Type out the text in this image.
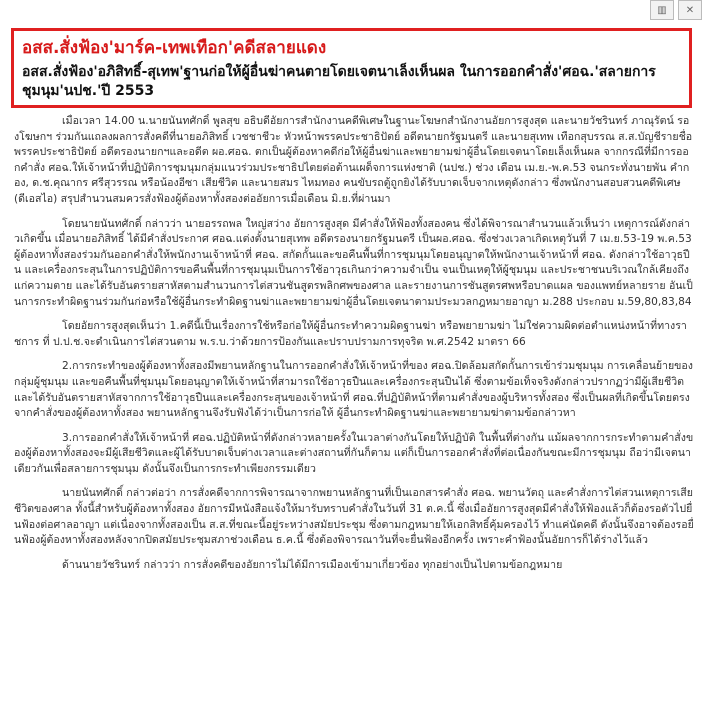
▥	✕
อสส.สั่งฟ้อง'มาร์ค-เทพเทือก'คดีสลายแดง
อสส.สั่งฟ้อง'อภิสิทธิ์-สุเทพ'ฐานก่อให้ผู้อื่นฆ่าคนตายโดยเจตนาเล็งเห็นผล ในการออกคำสั่ง'ศอฉ.'สลายการชุมนุม'นปช.'ปี 2553

เมื่อเวลา 14.00 น.นายนันทศักดิ์ พูลสุข อธิบดีอัยการสำนักงานคดีพิเศษในฐานะโฆษกสำนักงานอัยการสูงสุด และนายวัชรินทร์ ภาณุรัตน์ รองโฆษกฯ ร่วมกันแถลงผลการสั่งคดีที่นายอภิสิทธิ์ เวชชาชีวะ หัวหน้าพรรคประชาธิปัตย์ อดีตนายกรัฐมนตรี และนายสุเทพ เทือกสุบรรณ ส.ส.บัญชีรายชื่อ พรรคประชาธิปัตย์ อดีตรองนายกฯและอดีต ผอ.ศอฉ. ตกเป็นผู้ต้องหาคดีก่อให้ผู้อื่นฆ่าและพยายามฆ่าผู้อื่นโดยเจตนาโดยเล็งเห็นผล จากกรณีที่มีการออกคำสั่ง ศอฉ.ให้เจ้าหน้าที่ปฏิบัติการชุมนุมกลุ่มแนวร่วมประชาธิปไตยต่อต้านเผด็จการแห่งชาติ (นปช.) ช่วง เดือน เม.ย.-พ.ค.53 จนกระทั่งนายพัน คำกอง, ด.ช.คุณากร ศรีสุวรรณ หรือน้องอีซา เสียชีวิต และนายสมร ไหมทอง คนขับรถตู้ถูกยิงได้รับบาดเจ็บจากเหตุดังกล่าว ซึ่งพนักงานสอบสวนคดีพิเศษ (ดีเอสไอ) สรุปสำนวนสมควรสั่งฟ้องผู้ต้องหาทั้งสองต่ออัยการเมื่อเดือน มิ.ย.ที่ผ่านมา

โดยนายนันทศักดิ์ กล่าวว่า นายอรรถพล ใหญ่สว่าง อัยการสูงสุด มีคำสั่งให้ฟ้องทั้งสองคน ซึ่งได้พิจารณาสำนวนแล้วเห็นว่า เหตุการณ์ดังกล่าวเกิดขึ้น เมื่อนายอภิสิทธิ์ ได้มีคำสั่งประกาศ ศอฉ.แต่งตั้งนายสุเทพ อดีตรองนายกรัฐมนตรี เป็นผอ.ศอฉ. ซึ่งช่วงเวลาเกิดเหตุวันที่ 7 เม.ย.53-19 พ.ค.53 ผู้ต้องหาทั้งสองร่วมกันออกคำสั่งให้พนักงานเจ้าหน้าที่ ศอฉ. สกัดกั้นและขอคืนพื้นที่การชุมนุมโดยอนุญาตให้พนักงานเจ้าหน้าที่ ศอฉ. ดังกล่าวใช้อาวุธปืน และเครื่องกระสุนในการปฏิบัติการขอคืนพื้นที่การชุมนุมเป็นการใช้อาวุธเกินกว่าความจำเป็น จนเป็นเหตุให้ผู้ชุมนุม และประชาชนบริเวณใกล้เคียงถึงแก่ความตาย และได้รับอันตรายสาหัสตามสำนวนการไต่สวนชันสูตรพลิกศพของศาล และรายงานการชันสูตรศพหรือบาดแผล ของแพทย์หลายราย อันเป็นการกระทำผิดฐานร่วมกันก่อหรือใช้ผู้อื่นกระทำผิดฐานฆ่าและพยายามฆ่าผู้อื่นโดยเจตนาตามประมวลกฎหมายอาญา ม.288 ประกอบ ม.59,80,83,84

โดยอัยการสูงสุดเห็นว่า 1.คดีนี้เป็นเรื่องการใช้หรือก่อให้ผู้อื่นกระทำความผิดฐานฆ่า หรือพยายามฆ่า ไม่ใช่ความผิดต่อตำแหน่งหน้าที่ทางราชการ ที่ ป.ป.ช.จะดำเนินการไต่สวนตาม พ.ร.บ.ว่าด้วยการป้องกันและปราบปรามการทุจริต พ.ศ.2542 มาตรา 66

2.การกระทำของผู้ต้องหาทั้งสองมีพยานหลักฐานในการออกคำสั่งให้เจ้าหน้าที่ของ ศอฉ.ปิดล้อมสกัดกั้นการเข้าร่วมชุมนุม การเคลื่อนย้ายของกลุ่มผู้ชุมนุม และขอคืนพื้นที่ชุมนุมโดยอนุญาตให้เจ้าหน้าที่สามารถใช้อาวุธปืนและเครื่องกระสุนปืนได้ ซึ่งตามข้อเท็จจริงดังกล่าวปรากฏว่ามีผู้เสียชีวิต และได้รับอันตรายสาหัสจากการใช้อาวุธปืนและเครื่องกระสุนของเจ้าหน้าที่ ศอฉ.ที่ปฏิบัติหน้าที่ตามคำสั่งของผู้บริหารทั้งสอง ซึ่งเป็นผลที่เกิดขึ้นโดยตรงจากคำสั่งของผู้ต้องหาทั้งสอง พยานหลักฐานจึงรับฟังได้ว่าเป็นการก่อให้ ผู้อื่นกระทำผิดฐานฆ่าและพยายามฆ่าตามข้อกล่าวหา

3.การออกคำสั่งให้เจ้าหน้าที่ ศอฉ.ปฏิบัติหน้าที่ดังกล่าวหลายครั้งในเวลาต่างกันโดยให้ปฏิบัติ ในพื้นที่ต่างกัน แม้ผลจากการกระทำตามคำสั่งของผู้ต้องหาทั้งสองจะมีผู้เสียชีวิตและผู้ได้รับบาดเจ็บต่างเวลาและต่างสถานที่กันก็ตาม แต่ก็เป็นการออกคำสั่งที่ต่อเนื่องกันขณะมีการชุมนุม ถือว่ามีเจตนาเดียวกันเพื่อสลายการชุมนุม ดังนั้นจึงเป็นการกระทำเพียงกรรมเดียว

นายนันทศักดิ์ กล่าวต่อว่า การสั่งคดีจากการพิจารณาจากพยานหลักฐานที่เป็นเอกสารคำสั่ง ศอฉ. พยานวัตถุ และคำสั่งการไต่สวนเหตุการเสียชีวิตของศาล ทั้งนี้สำหรับผู้ต้องหาทั้งสอง อัยการมีหนังสือแจ้งให้มารับทราบคำสั่งในวันที่ 31 ต.ค.นี้ ซึ่งเมื่ออัยการสูงสุดมีคำสั่งให้ฟ้องแล้วก็ต้องรอตัวไปยื่นฟ้องต่อศาลอาญา แต่เนื่องจากทั้งสองเป็น ส.ส.ที่ขณะนี้อยู่ระหว่างสมัยประชุม ซึ่งตามกฎหมายให้เอกสิทธิ์คุ้มครองไว้ ทำแค่นัดคดี ดังนั้นจึงอาจต้องรอยื่นฟ้องผู้ต้องหาทั้งสองหลังจากปิดสมัยประชุมสภาช่วงเดือน ธ.ค.นี้ ซึ่งต้องพิจารณาวันที่จะยื่นฟ้องอีกครั้ง เพราะคำฟ้องนั้นอัยการก็ได้ร่างไว้แล้ว

ด้านนายวัชรินทร์ กล่าวว่า การสั่งคดีของอัยการไม่ได้มีการเมืองเข้ามาเกี่ยวข้อง ทุกอย่างเป็นไปตามข้อกฎหมาย
